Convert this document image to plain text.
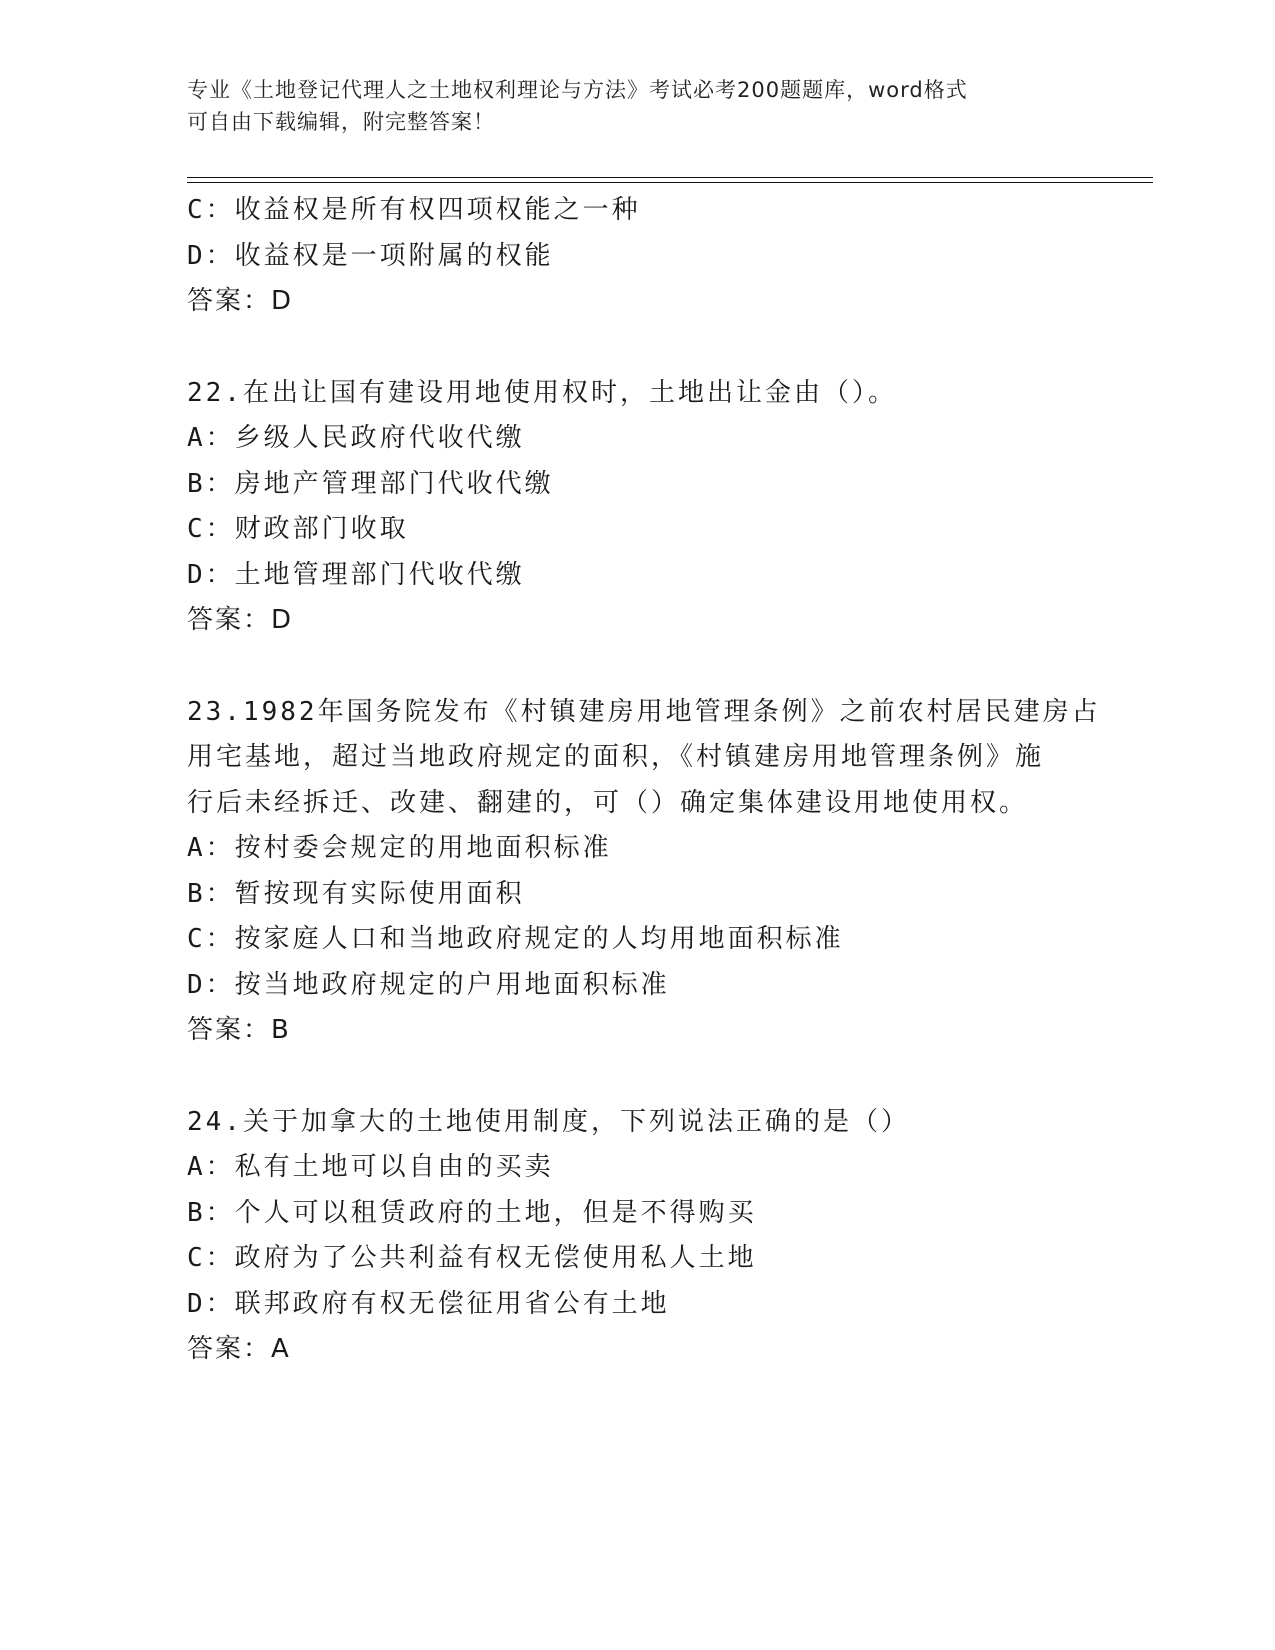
专业《土地登记代理人之土地权利理论与方法》考试必考200题题库，word格式
可自由下载编辑，附完整答案！
C：收益权是所有权四项权能之一种
D：收益权是一项附属的权能
答案：D
22.在出让国有建设用地使用权时，土地出让金由（）。
A：乡级人民政府代收代缴
B：房地产管理部门代收代缴
C：财政部门收取
D：土地管理部门代收代缴
答案：D
23.1982年国务院发布《村镇建房用地管理条例》之前农村居民建房占
用宅基地，超过当地政府规定的面积，《村镇建房用地管理条例》施
行后未经拆迁、改建、翻建的，可（）确定集体建设用地使用权。
A：按村委会规定的用地面积标准
B：暂按现有实际使用面积
C：按家庭人口和当地政府规定的人均用地面积标准
D：按当地政府规定的户用地面积标准
答案：B
24.关于加拿大的土地使用制度，下列说法正确的是（）
A：私有土地可以自由的买卖
B：个人可以租赁政府的土地，但是不得购买
C：政府为了公共利益有权无偿使用私人土地
D：联邦政府有权无偿征用省公有土地
答案：A
